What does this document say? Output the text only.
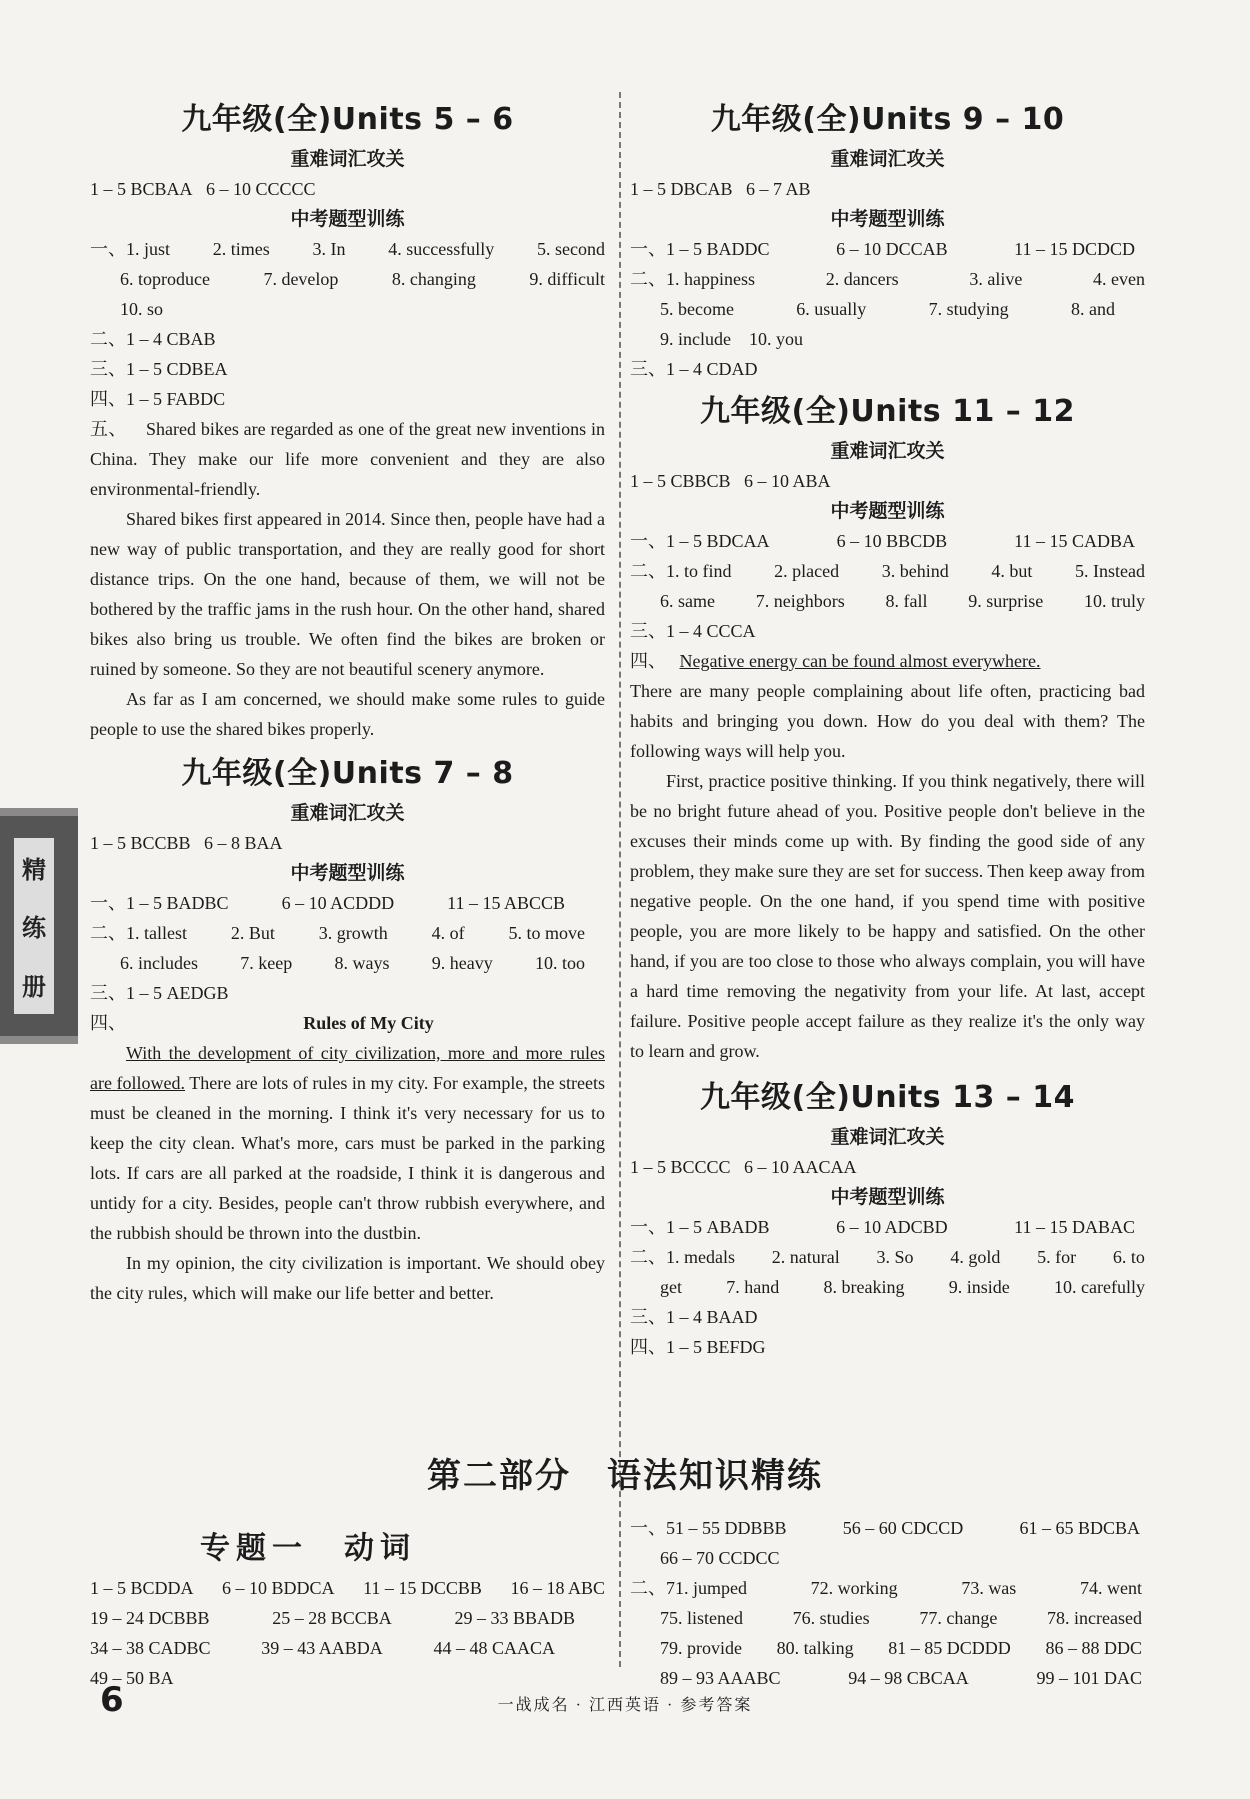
精
练
册
九年级(全)Units 5 – 6
重难词汇攻关
1 – 5 BCBAA 6 – 10 CCCCC
中考题型训练
一、1. just 2. times 3. In 4. successfully 5. second
6. toproduce	7. develop	8. changing	9. difficult
10. so
二、1 – 4 CBAB
三、1 – 5 CDBEA
四、1 – 5 FABDC

五、 Shared bikes are regarded as one of the great new inventions in China. They make our life more convenient and they are also environmental-friendly.

Shared bikes first appeared in 2014. Since then, people have had a new way of public transportation, and they are really good for short distance trips. On the one hand, because of them, we will not be bothered by the traffic jams in the rush hour. On the other hand, shared bikes also bring us trouble. We often find the bikes are broken or ruined by someone. So they are not beautiful scenery anymore.

As far as I am concerned, we should make some rules to guide people to use the shared bikes properly.

九年级(全)Units 7 – 8
重难词汇攻关
1 – 5 BCCBB 6 – 8 BAA
中考题型训练
一、1 – 5 BADBC	6 – 10 ACDDD	11 – 15 ABCCB
二、1. tallest 2. But 3. growth 4. of 5. to move
6. includes 7. keep 8. ways 9. heavy 10. too
三、1 – 5 AEDGB
四、	Rules of My City

With the development of city civilization, more and more rules are followed. There are lots of rules in my city. For example, the streets must be cleaned in the morning. I think it's very necessary for us to keep the city clean. What's more, cars must be parked in the parking lots. If cars are all parked at the roadside, I think it is dangerous and untidy for a city. Besides, people can't throw rubbish everywhere, and the rubbish should be thrown into the dustbin.

In my opinion, the city civilization is important. We should obey the city rules, which will make our life better and better.

九年级(全)Units 9 – 10
重难词汇攻关
1 – 5 DBCAB 6 – 7 AB
中考题型训练
一、1 – 5 BADDC	6 – 10 DCCAB	11 – 15 DCDCD
二、1. happiness	2. dancers	3. alive	4. even
5. become	6. usually	7. studying	8. and
9. include 10. you
三、1 – 4 CDAD
九年级(全)Units 11 – 12
重难词汇攻关
1 – 5 CBBCB 6 – 10 ABA
中考题型训练
一、1 – 5 BDCAA	6 – 10 BBCDB	11 – 15 CADBA
二、1. to find 2. placed 3. behind 4. but 5. Instead
6. same 7. neighbors 8. fall 9. surprise 10. truly
三、1 – 4 CCCA
四、 Negative energy can be found almost everywhere.

There are many people complaining about life often, practicing bad habits and bringing you down. How do you deal with them? The following ways will help you.

First, practice positive thinking. If you think negatively, there will be no bright future ahead of you. Positive people don't believe in the excuses their minds come up with. By finding the good side of any problem, they make sure they are set for success. Then keep away from negative people. On the one hand, if you spend time with positive people, you are more likely to be happy and satisfied. On the other hand, if you are too close to those who always complain, you will have a hard time removing the negativity from your life. At last, accept failure. Positive people accept failure as they realize it's the only way to learn and grow.

九年级(全)Units 13 – 14
重难词汇攻关
1 – 5 BCCCC 6 – 10 AACAA
中考题型训练
一、1 – 5 ABADB	6 – 10 ADCBD	11 – 15 DABAC
二、1. medals 2. natural 3. So 4. gold 5. for 6. to
get 7. hand 8. breaking 9. inside 10. carefully
三、1 – 4 BAAD
四、1 – 5 BEFDG
第二部分　语法知识精练
专题一　动词
1 – 5 BCDDA 6 – 10 BDDCA 11 – 15 DCCBB 16 – 18 ABC
19 – 24 DCBBB	25 – 28 BCCBA	29 – 33 BBADB
34 – 38 CADBC	39 – 43 AABDA	44 – 48 CAACA
49 – 50 BA
一、51 – 55 DDBBB	56 – 60 CDCCD	61 – 65 BDCBA
66 – 70 CCDCC
二、71. jumped	72. working	73. was	74. went
75. listened	76. studies	77. change	78. increased
79. provide 80. talking 81 – 85 DCDDD 86 – 88 DDC
89 – 93 AAABC	94 – 98 CBCAA	99 – 101 DAC
6	一战成名 · 江西英语 · 参考答案
